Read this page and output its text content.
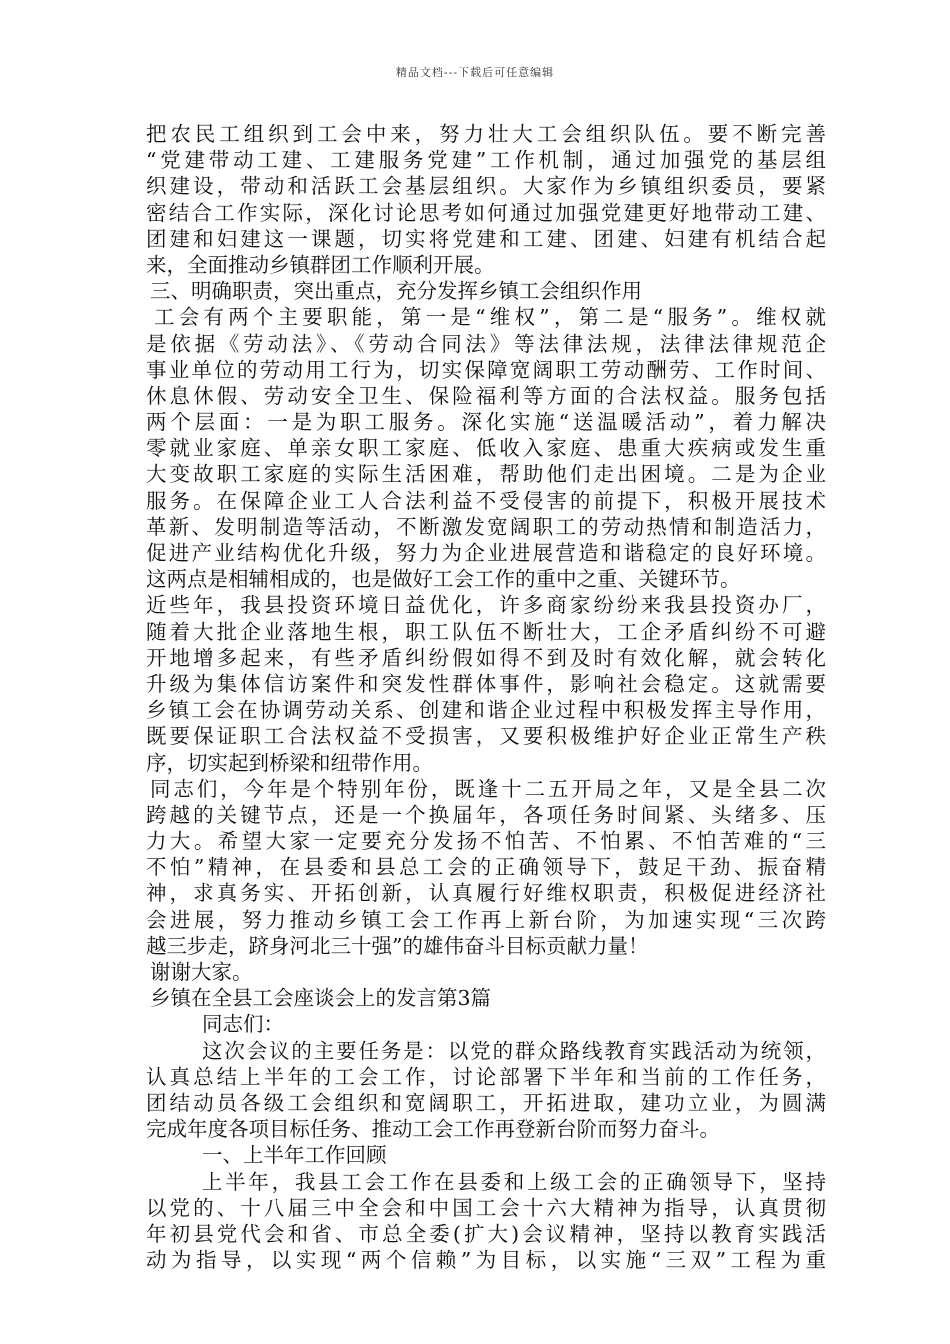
精品文档---下载后可任意编辑
把农民工组织到工会中来，努力壮大工会组织队伍。要不断完善
“党建带动工建、工建服务党建”工作机制，通过加强党的基层组
织建设，带动和活跃工会基层组织。大家作为乡镇组织委员，要紧
密结合工作实际，深化讨论思考如何通过加强党建更好地带动工建、
团建和妇建这一课题，切实将党建和工建、团建、妇建有机结合起
来，全面推动乡镇群团工作顺利开展。
三、明确职责，突出重点，充分发挥乡镇工会组织作用
工会有两个主要职能，第一是“维权”，第二是“服务”。维权就
是依据《劳动法》、《劳动合同法》等法律法规，法律法律规范企
事业单位的劳动用工行为，切实保障宽阔职工劳动酬劳、工作时间、
休息休假、劳动安全卫生、保险福利等方面的合法权益。服务包括
两个层面：一是为职工服务。深化实施“送温暖活动”，着力解决
零就业家庭、单亲女职工家庭、低收入家庭、患重大疾病或发生重
大变故职工家庭的实际生活困难，帮助他们走出困境。二是为企业
服务。在保障企业工人合法利益不受侵害的前提下，积极开展技术
革新、发明制造等活动，不断激发宽阔职工的劳动热情和制造活力，
促进产业结构优化升级，努力为企业进展营造和谐稳定的良好环境。
这两点是相辅相成的，也是做好工会工作的重中之重、关键环节。
近些年，我县投资环境日益优化，许多商家纷纷来我县投资办厂，
随着大批企业落地生根，职工队伍不断壮大，工企矛盾纠纷不可避
开地增多起来，有些矛盾纠纷假如得不到及时有效化解，就会转化
升级为集体信访案件和突发性群体事件，影响社会稳定。这就需要
乡镇工会在协调劳动关系、创建和谐企业过程中积极发挥主导作用，
既要保证职工合法权益不受损害，又要积极维护好企业正常生产秩
序，切实起到桥梁和纽带作用。
同志们，今年是个特别年份，既逢十二五开局之年，又是全县二次
跨越的关键节点，还是一个换届年，各项任务时间紧、头绪多、压
力大。希望大家一定要充分发扬不怕苦、不怕累、不怕苦难的“三
不怕”精神，在县委和县总工会的正确领导下，鼓足干劲、振奋精
神，求真务实、开拓创新，认真履行好维权职责，积极促进经济社
会进展，努力推动乡镇工会工作再上新台阶，为加速实现“三次跨
越三步走，跻身河北三十强”的雄伟奋斗目标贡献力量！
谢谢大家。
乡镇在全县工会座谈会上的发言第3篇
同志们：
这次会议的主要任务是：以党的群众路线教育实践活动为统领，
认真总结上半年的工会工作，讨论部署下半年和当前的工作任务，
团结动员各级工会组织和宽阔职工，开拓进取，建功立业，为圆满
完成年度各项目标任务、推动工会工作再登新台阶而努力奋斗。
一、上半年工作回顾
上半年，我县工会工作在县委和上级工会的正确领导下，坚持
以党的、十八届三中全会和中国工会十六大精神为指导，认真贯彻
年初县党代会和省、市总全委(扩大)会议精神，坚持以教育实践活
动为指导，以实现“两个信赖”为目标，以实施“三双”工程为重
